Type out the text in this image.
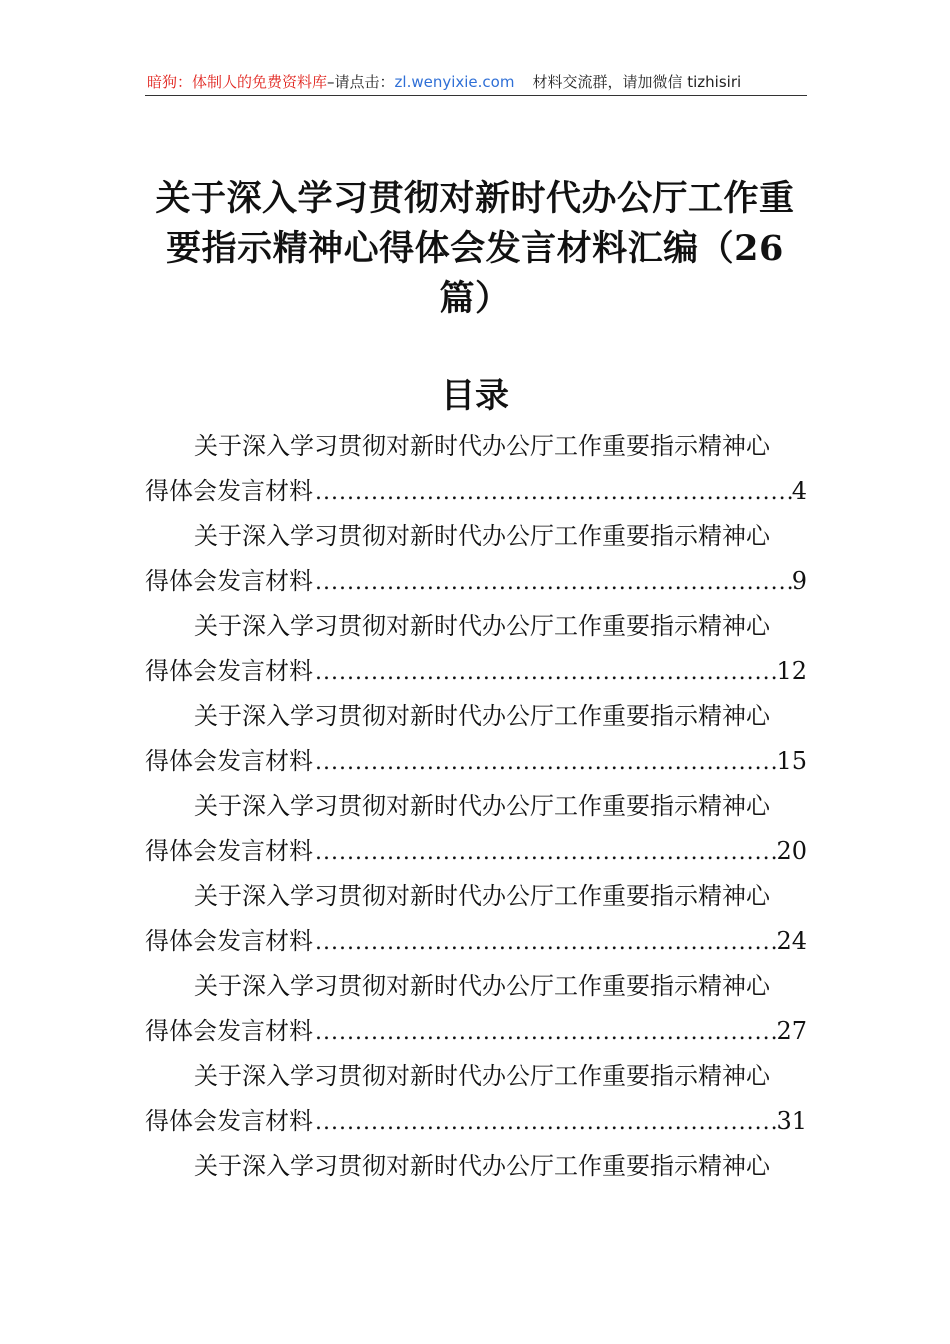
暗狗：体制人的免费资料库–请点击：zl.wenyixie.com 材料交流群，请加微信 tizhisiri
关于深入学习贯彻对新时代办公厅工作重要指示精神心得体会发言材料汇编（26篇）
目录
关于深入学习贯彻对新时代办公厅工作重要指示精神心
得体会发言材料 .....	4
关于深入学习贯彻对新时代办公厅工作重要指示精神心
得体会发言材料 .....	9
关于深入学习贯彻对新时代办公厅工作重要指示精神心
得体会发言材料 .....	12
关于深入学习贯彻对新时代办公厅工作重要指示精神心
得体会发言材料 .....	15
关于深入学习贯彻对新时代办公厅工作重要指示精神心
得体会发言材料 .....	20
关于深入学习贯彻对新时代办公厅工作重要指示精神心
得体会发言材料 .....	24
关于深入学习贯彻对新时代办公厅工作重要指示精神心
得体会发言材料 .....	27
关于深入学习贯彻对新时代办公厅工作重要指示精神心
得体会发言材料 .....	31
关于深入学习贯彻对新时代办公厅工作重要指示精神心
